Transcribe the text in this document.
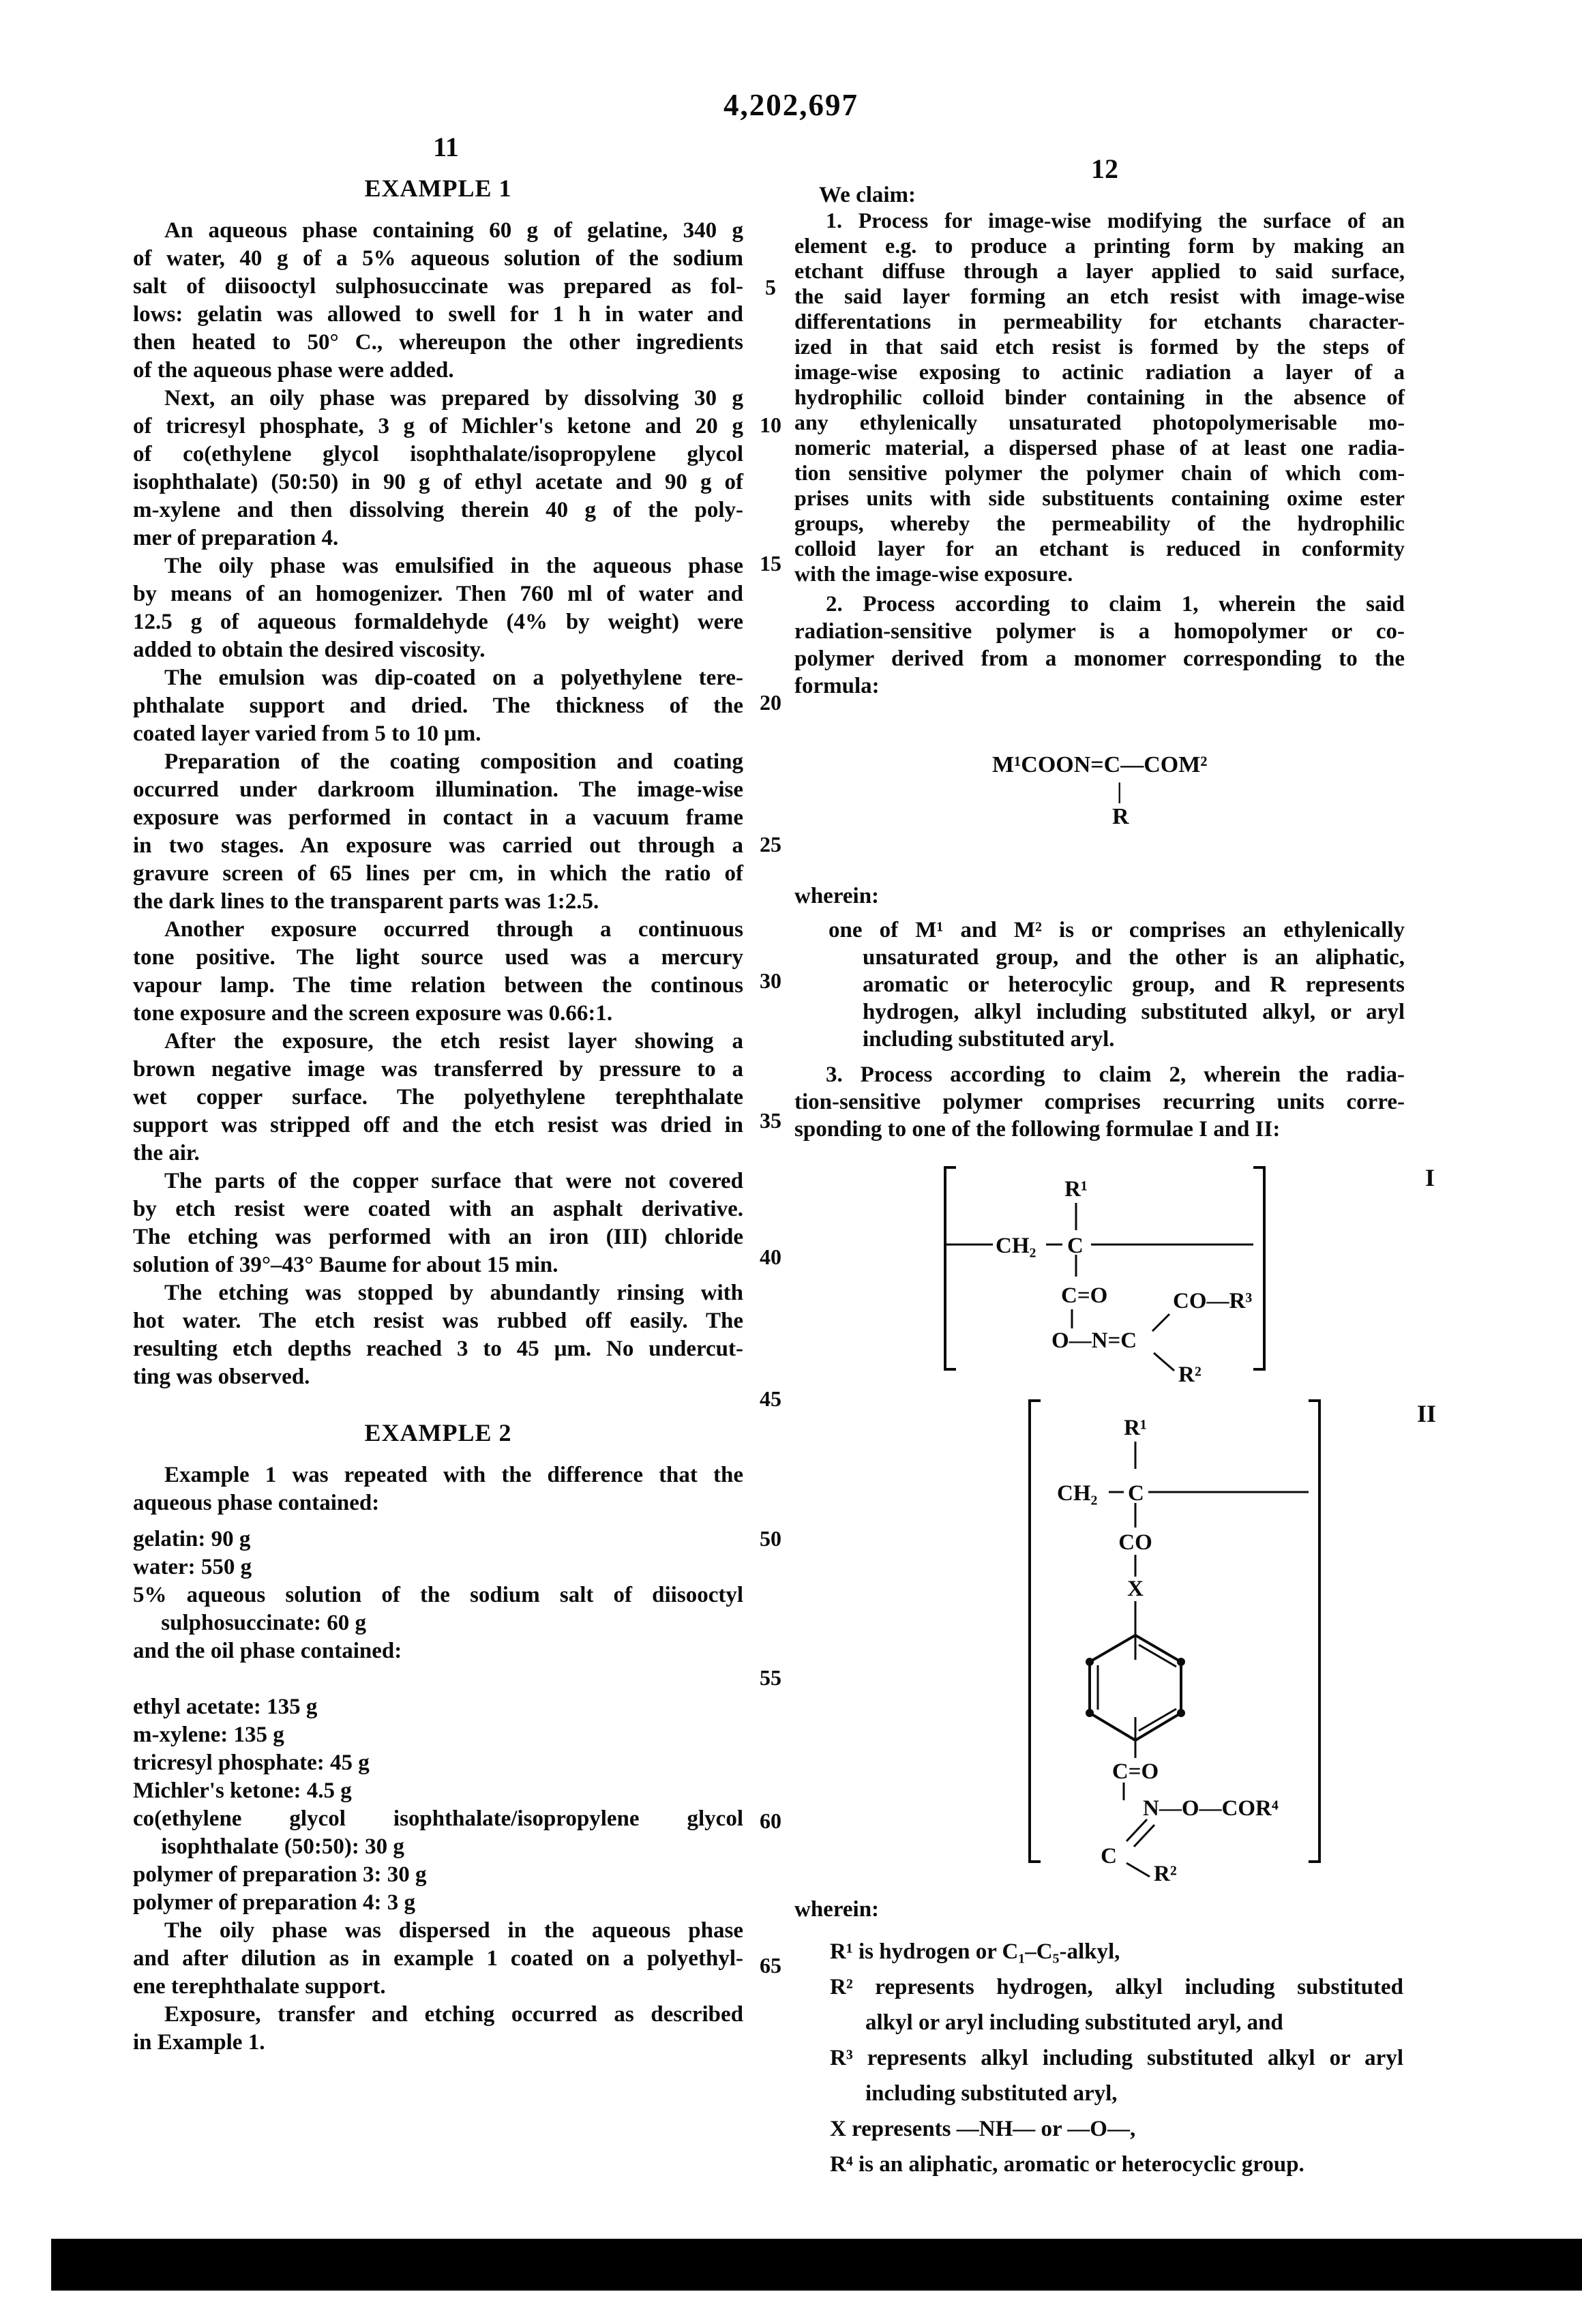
4,202,697
11
12
5
10
15
20
25
30
35
40
45
50
55
60
65
EXAMPLE 1
An aqueous phase containing 60 g of gelatine, 340 g
of water, 40 g of a 5% aqueous solution of the sodium
salt of diisooctyl sulphosuccinate was prepared as fol-
lows: gelatin was allowed to swell for 1 h in water and
then heated to 50° C., whereupon the other ingredients
of the aqueous phase were added.
Next, an oily phase was prepared by dissolving 30 g
of tricresyl phosphate, 3 g of Michler's ketone and 20 g
of co(ethylene glycol isophthalate/isopropylene glycol
isophthalate) (50:50) in 90 g of ethyl acetate and 90 g of
m-xylene and then dissolving therein 40 g of the poly-
mer of preparation 4.
The oily phase was emulsified in the aqueous phase
by means of an homogenizer. Then 760 ml of water and
12.5 g of aqueous formaldehyde (4% by weight) were
added to obtain the desired viscosity.
The emulsion was dip-coated on a polyethylene tere-
phthalate support and dried. The thickness of the
coated layer varied from 5 to 10 μm.
Preparation of the coating composition and coating
occurred under darkroom illumination. The image-wise
exposure was performed in contact in a vacuum frame
in two stages. An exposure was carried out through a
gravure screen of 65 lines per cm, in which the ratio of
the dark lines to the transparent parts was 1:2.5.
Another exposure occurred through a continuous
tone positive. The light source used was a mercury
vapour lamp. The time relation between the continous
tone exposure and the screen exposure was 0.66:1.
After the exposure, the etch resist layer showing a
brown negative image was transferred by pressure to a
wet copper surface. The polyethylene terephthalate
support was stripped off and the etch resist was dried in
the air.
The parts of the copper surface that were not covered
by etch resist were coated with an asphalt derivative.
The etching was performed with an iron (III) chloride
solution of 39°–43° Baume for about 15 min.
The etching was stopped by abundantly rinsing with
hot water. The etch resist was rubbed off easily. The
resulting etch depths reached 3 to 45 μm. No undercut-
ting was observed.
EXAMPLE 2
Example 1 was repeated with the difference that the
aqueous phase contained:
gelatin: 90 g
water: 550 g
5% aqueous solution of the sodium salt of diisooctyl
sulphosuccinate: 60 g
and the oil phase contained:
ethyl acetate: 135 g
m-xylene: 135 g
tricresyl phosphate: 45 g
Michler's ketone: 4.5 g
co(ethylene glycol isophthalate/isopropylene glycol
isophthalate (50:50): 30 g
polymer of preparation 3: 30 g
polymer of preparation 4: 3 g
The oily phase was dispersed in the aqueous phase
and after dilution as in example 1 coated on a polyethyl-
ene terephthalate support.
Exposure, transfer and etching occurred as described
in Example 1.
We claim:
1. Process for image-wise modifying the surface of an
element e.g. to produce a printing form by making an
etchant diffuse through a layer applied to said surface,
the said layer forming an etch resist with image-wise
differentations in permeability for etchants character-
ized in that said etch resist is formed by the steps of
image-wise exposing to actinic radiation a layer of a
hydrophilic colloid binder containing in the absence of
any ethylenically unsaturated photopolymerisable mo-
nomeric material, a dispersed phase of at least one radia-
tion sensitive polymer the polymer chain of which com-
prises units with side substituents containing oxime ester
groups, whereby the permeability of the hydrophilic
colloid layer for an etchant is reduced in conformity
with the image-wise exposure.
2. Process according to claim 1, wherein the said
radiation-sensitive polymer is a homopolymer or co-
polymer derived from a monomer corresponding to the
formula:
M¹COON=C—COM²
|
R
wherein:
one of M¹ and M² is or comprises an ethylenically
unsaturated group, and the other is an aliphatic,
aromatic or heterocylic group, and R represents
hydrogen, alkyl including substituted alkyl, or aryl
including substituted aryl.
3. Process according to claim 2, wherein the radia-
tion-sensitive polymer comprises recurring units corre-
sponding to one of the following formulae I and II:
I
R¹
CH₂ C
C=O
O—N=C
CO—R³
R²
II
R¹
CH₂ C
CO
X
C=O
N—O—COR⁴
C
R²
wherein:
R¹ is hydrogen or C₁–C₅-alkyl,
R² represents hydrogen, alkyl including substituted
alkyl or aryl including substituted aryl, and
R³ represents alkyl including substituted alkyl or aryl
including substituted aryl,
X represents —NH— or —O—,
R⁴ is an aliphatic, aromatic or heterocyclic group.
